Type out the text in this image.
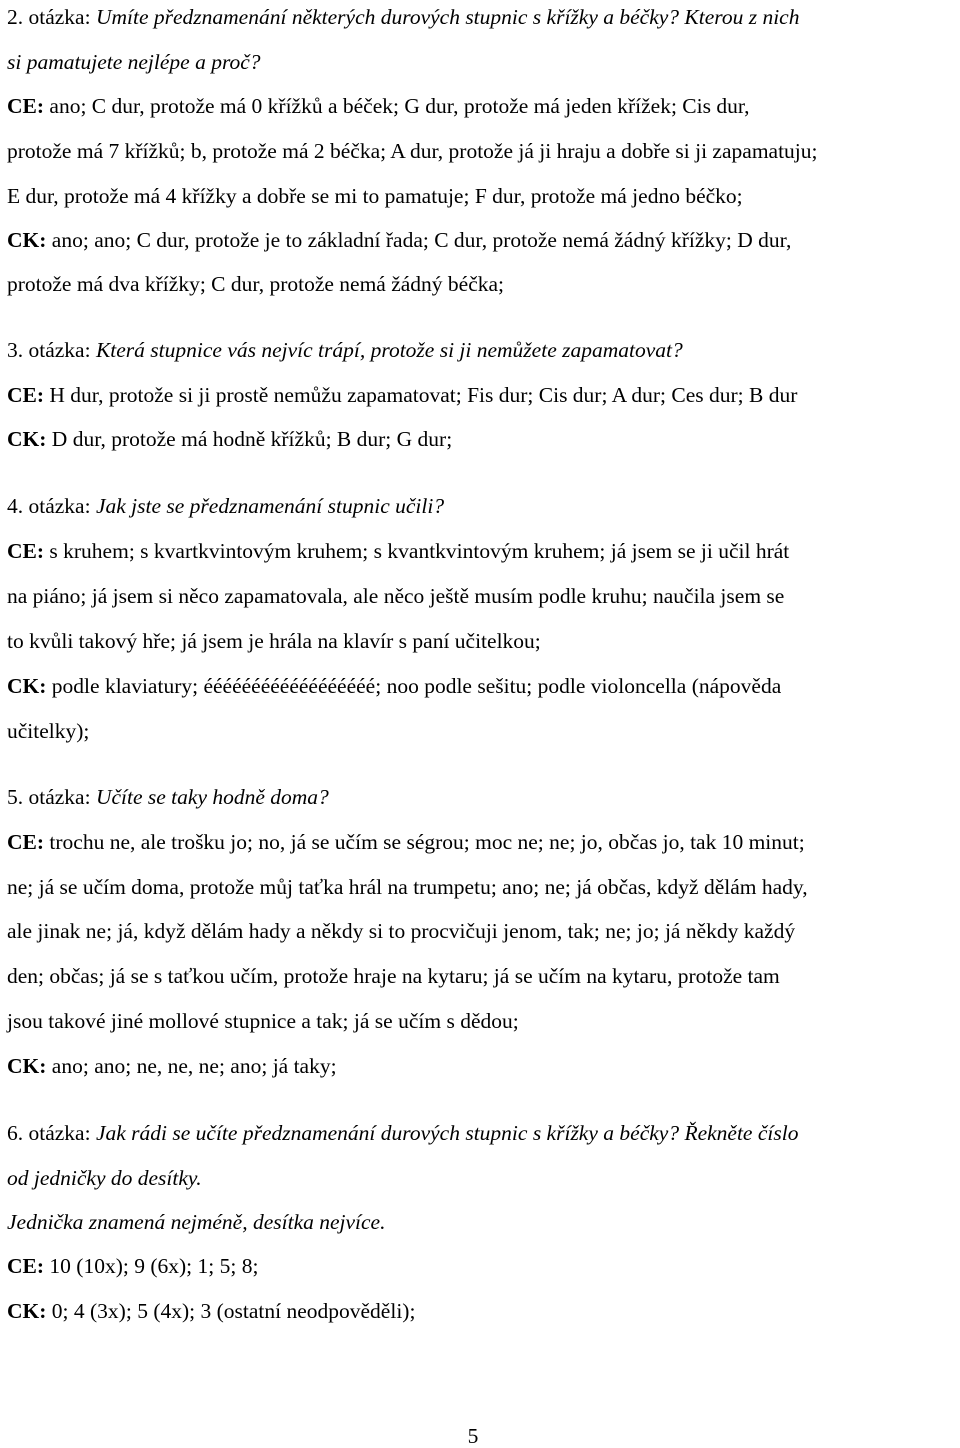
2. otázka: Umíte předznamenání některých durových stupnic s křížky a béčky? Kterou z nich
si pamatujete nejlépe a proč?
CE: ano; C dur, protože má 0 křížků a béček; G dur, protože má jeden křížek; Cis dur,
protože má 7 křížků; b, protože má 2 béčka; A dur, protože já ji hraju a dobře si ji zapamatuju;
E dur, protože má 4 křížky a dobře se mi to pamatuje; F dur, protože má jedno béčko;
CK: ano; ano; C dur, protože je to základní řada; C dur, protože nemá žádný křížky; D dur,
protože má dva křížky; C dur, protože nemá žádný béčka;
3. otázka: Která stupnice vás nejvíc trápí, protože si ji nemůžete zapamatovat?
CE: H dur, protože si ji prostě nemůžu zapamatovat; Fis dur; Cis dur; A dur; Ces dur; B dur
CK: D dur, protože má hodně křížků; B dur; G dur;
4. otázka: Jak jste se předznamenání stupnic učili?
CE: s kruhem; s kvartkvintovým kruhem; s kvantkvintovým kruhem; já jsem se ji učil hrát
na piáno; já jsem si něco zapamatovala, ale něco ještě musím podle kruhu; naučila jsem se
to kvůli takový hře; já jsem je hrála na klavír s paní učitelkou;
CK: podle klaviatury; éééééééééééééééééé; noo podle sešitu; podle violoncella (nápověda
učitelky);
5. otázka: Učíte se taky hodně doma?
CE: trochu ne, ale trošku jo; no, já se učím se ségrou; moc ne; ne; jo, občas jo, tak 10 minut;
ne; já se učím doma, protože můj taťka hrál na trumpetu; ano; ne; já občas, když dělám hady,
ale jinak ne; já, když dělám hady a někdy si to procvičuji jenom, tak; ne; jo; já někdy každý
den; občas; já se s taťkou učím, protože hraje na kytaru; já se učím na kytaru, protože tam
jsou takové jiné mollové stupnice a tak; já se učím s dědou;
CK: ano; ano; ne, ne, ne; ano; já taky;
6. otázka: Jak rádi se učíte předznamenání durových stupnic s křížky a béčky? Řekněte číslo
od jedničky do desítky.
Jednička znamená nejméně, desítka nejvíce.
CE: 10 (10x); 9 (6x); 1; 5; 8;
CK: 0; 4 (3x); 5 (4x); 3 (ostatní neodpověděli);
5
